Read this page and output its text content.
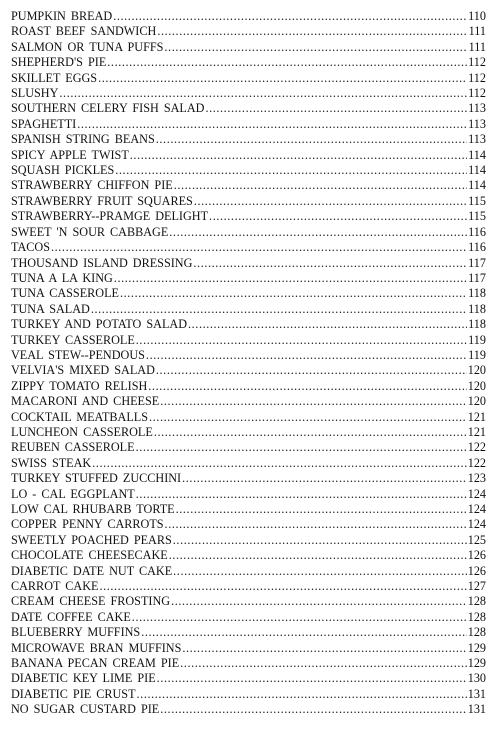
PUMPKIN BREAD .....	110
ROAST BEEF SANDWICH .....	111
SALMON OR TUNA PUFFS .....	111
SHEPHERD'S PIE .....	112
SKILLET EGGS .....	112
SLUSHY .....	112
SOUTHERN CELERY FISH SALAD .....	113
SPAGHETTI .....	113
SPANISH STRING BEANS .....	113
SPICY APPLE TWIST .....	114
SQUASH PICKLES .....	114
STRAWBERRY CHIFFON PIE .....	114
STRAWBERRY FRUIT SQUARES .....	115
STRAWBERRY--PRAMGE DELIGHT .....	115
SWEET 'N SOUR CABBAGE .....	116
TACOS .....	116
THOUSAND ISLAND DRESSING .....	117
TUNA A LA KING .....	117
TUNA CASSEROLE .....	118
TUNA SALAD .....	118
TURKEY AND POTATO SALAD .....	118
TURKEY CASSEROLE .....	119
VEAL STEW--PENDOUS .....	119
VELVIA'S MIXED SALAD .....	120
ZIPPY TOMATO RELISH .....	120
MACARONI AND CHEESE .....	120
COCKTAIL MEATBALLS .....	121
LUNCHEON CASSEROLE .....	121
REUBEN CASSEROLE .....	122
SWISS STEAK .....	122
TURKEY STUFFED ZUCCHINI .....	123
LO - CAL EGGPLANT .....	124
LOW CAL RHUBARB TORTE .....	124
COPPER PENNY CARROTS .....	124
SWEETLY POACHED PEARS .....	125
CHOCOLATE CHEESECAKE .....	126
DIABETIC DATE NUT CAKE .....	126
CARROT CAKE .....	127
CREAM CHEESE FROSTING .....	128
DATE COFFEE CAKE .....	128
BLUEBERRY MUFFINS .....	128
MICROWAVE BRAN MUFFINS .....	129
BANANA PECAN CREAM PIE .....	129
DIABETIC KEY LIME PIE .....	130
DIABETIC PIE CRUST .....	131
NO SUGAR CUSTARD PIE .....	131
